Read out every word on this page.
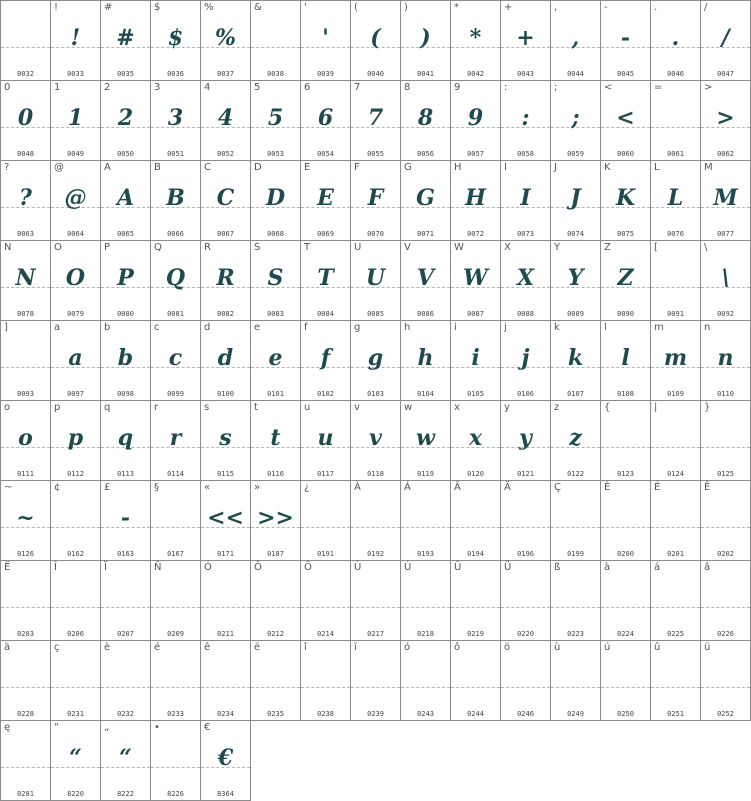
0032
!
!
0033
#
#
0035
$
$
0036
%
%
0037
&
0038
'
'
0039
(
(
0040
)
)
0041
*
*
0042
+
+
0043
,
,
0044
-
-
0045
.
.
0046
/
/
0047
0
0
0048
1
1
0049
2
2
0050
3
3
0051
4
4
0052
5
5
0053
6
6
0054
7
7
0055
8
8
0056
9
9
0057
:
:
0058
;
;
0059
<
<
0060
=
0061
>
>
0062
?
?
0063
@
@
0064
A
A
0065
B
B
0066
C
C
0067
D
D
0068
E
E
0069
F
F
0070
G
G
0071
H
H
0072
I
I
0073
J
J
0074
K
K
0075
L
L
0076
M
M
0077
N
N
0078
O
O
0079
P
P
0080
Q
Q
0081
R
R
0082
S
S
0083
T
T
0084
U
U
0085
V
V
0086
W
W
0087
X
X
0088
Y
Y
0089
Z
Z
0090
[
0091
\
\
0092
]
0093
a
a
0097
b
b
0098
c
c
0099
d
d
0100
e
e
0101
f
f
0102
g
g
0103
h
h
0104
i
i
0105
j
j
0106
k
k
0107
l
l
0108
m
m
0109
n
n
0110
o
o
0111
p
p
0112
q
q
0113
r
r
0114
s
s
0115
t
t
0116
u
u
0117
v
v
0118
w
w
0119
x
x
0120
y
y
0121
z
z
0122
{
0123
|
0124
}
0125
~
~
0126
¢
0162
£
-
0163
§
0167
«
<<
0171
»
>>
0187
¿
0191
À
0192
Á
0193
Â
0194
Ä
0196
Ç
0199
È
0200
É
0201
Ê
0202
Ë
0203
Î
0206
Ï
0207
Ñ
0209
Ó
0211
Ô
0212
Ö
0214
Ù
0217
Ú
0218
Û
0219
Ü
0220
ß
0223
à
0224
á
0225
â
0226
ä
0228
ç
0231
è
0232
é
0233
ê
0234
ë
0235
î
0238
ï
0239
ó
0243
ô
0244
ö
0246
ù
0249
ú
0250
û
0251
ü
0252
ę
0281
“
“
8220
„
“
8222
•
8226
€
€
8364
